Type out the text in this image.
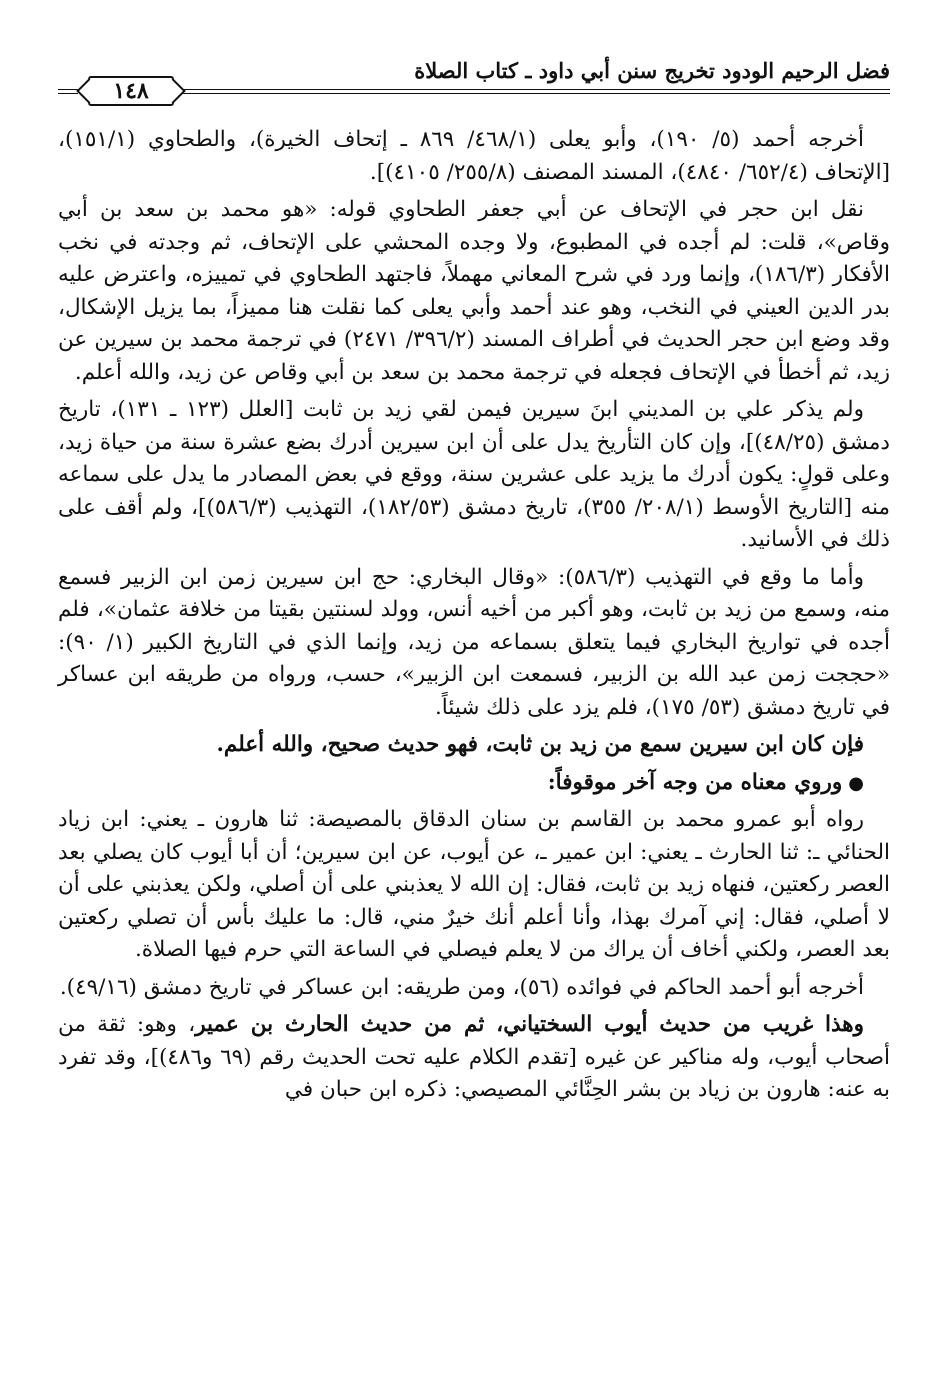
فضل الرحيم الودود تخريج سنن أبي داود ـ كتاب الصلاة
١٤٨

أخرجه أحمد (٥/ ١٩٠)، وأبو يعلى (٤٦٨/١/ ٨٦٩ ـ إتحاف الخيرة)، والطحاوي (١٥١/١)، [الإتحاف (٦٥٢/٤/ ٤٨٤٠)، المسند المصنف (٢٥٥/٨/ ٤١٠٥)].

نقل ابن حجر في الإتحاف عن أبي جعفر الطحاوي قوله: «هو محمد بن سعد بن أبي وقاص»، قلت: لم أجده في المطبوع، ولا وجده المحشي على الإتحاف، ثم وجدته في نخب الأفكار (١٨٦/٣)، وإنما ورد في شرح المعاني مهملاً، فاجتهد الطحاوي في تمييزه، واعترض عليه بدر الدين العيني في النخب، وهو عند أحمد وأبي يعلى كما نقلت هنا مميزاً، بما يزيل الإشكال، وقد وضع ابن حجر الحديث في أطراف المسند (٣٩٦/٢/ ٢٤٧١) في ترجمة محمد بن سيرين عن زيد، ثم أخطأ في الإتحاف فجعله في ترجمة محمد بن سعد بن أبي وقاص عن زيد، والله أعلم.

ولم يذكر علي بن المديني ابنَ سيرين فيمن لقي زيد بن ثابت [العلل (١٢٣ ـ ١٣١)، تاريخ دمشق (٤٨/٢٥)]، وإن كان التأريخ يدل على أن ابن سيرين أدرك بضع عشرة سنة من حياة زيد، وعلى قولٍ: يكون أدرك ما يزيد على عشرين سنة، ووقع في بعض المصادر ما يدل على سماعه منه [التاريخ الأوسط (٢٠٨/١/ ٣٥٥)، تاريخ دمشق (١٨٢/٥٣)، التهذيب (٥٨٦/٣)]، ولم أقف على ذلك في الأسانيد.

وأما ما وقع في التهذيب (٥٨٦/٣): «وقال البخاري: حج ابن سيرين زمن ابن الزبير فسمع منه، وسمع من زيد بن ثابت، وهو أكبر من أخيه أنس، وولد لسنتين بقيتا من خلافة عثمان»، فلم أجده في تواريخ البخاري فيما يتعلق بسماعه من زيد، وإنما الذي في التاريخ الكبير (١/ ٩٠): «حججت زمن عبد الله بن الزبير، فسمعت ابن الزبير»، حسب، ورواه من طريقه ابن عساكر في تاريخ دمشق (٥٣/ ١٧٥)، فلم يزد على ذلك شيئاً.

فإن كان ابن سيرين سمع من زيد بن ثابت، فهو حديث صحيح، والله أعلم.

●وروي معناه من وجه آخر موقوفاً:

رواه أبو عمرو محمد بن القاسم بن سنان الدقاق بالمصيصة: ثنا هارون ـ يعني: ابن زياد الحنائي ـ: ثنا الحارث ـ يعني: ابن عمير ـ، عن أيوب، عن ابن سيرين؛ أن أبا أيوب كان يصلي بعد العصر ركعتين، فنهاه زيد بن ثابت، فقال: إن الله لا يعذبني على أن أصلي، ولكن يعذبني على أن لا أصلي، فقال: إني آمرك بهذا، وأنا أعلم أنك خيرٌ مني، قال: ما عليك بأس أن تصلي ركعتين بعد العصر، ولكني أخاف أن يراك من لا يعلم فيصلي في الساعة التي حرم فيها الصلاة.

أخرجه أبو أحمد الحاكم في فوائده (٥٦)، ومن طريقه: ابن عساكر في تاريخ دمشق (٤٩/١٦).

وهذا غريب من حديث أيوب السختياني، ثم من حديث الحارث بن عمير، وهو: ثقة من أصحاب أيوب، وله مناكير عن غيره [تقدم الكلام عليه تحت الحديث رقم (٦٩ و٤٨٦)]، وقد تفرد به عنه: هارون بن زياد بن بشر الحِنَّائي المصيصي: ذكره ابن حبان في
